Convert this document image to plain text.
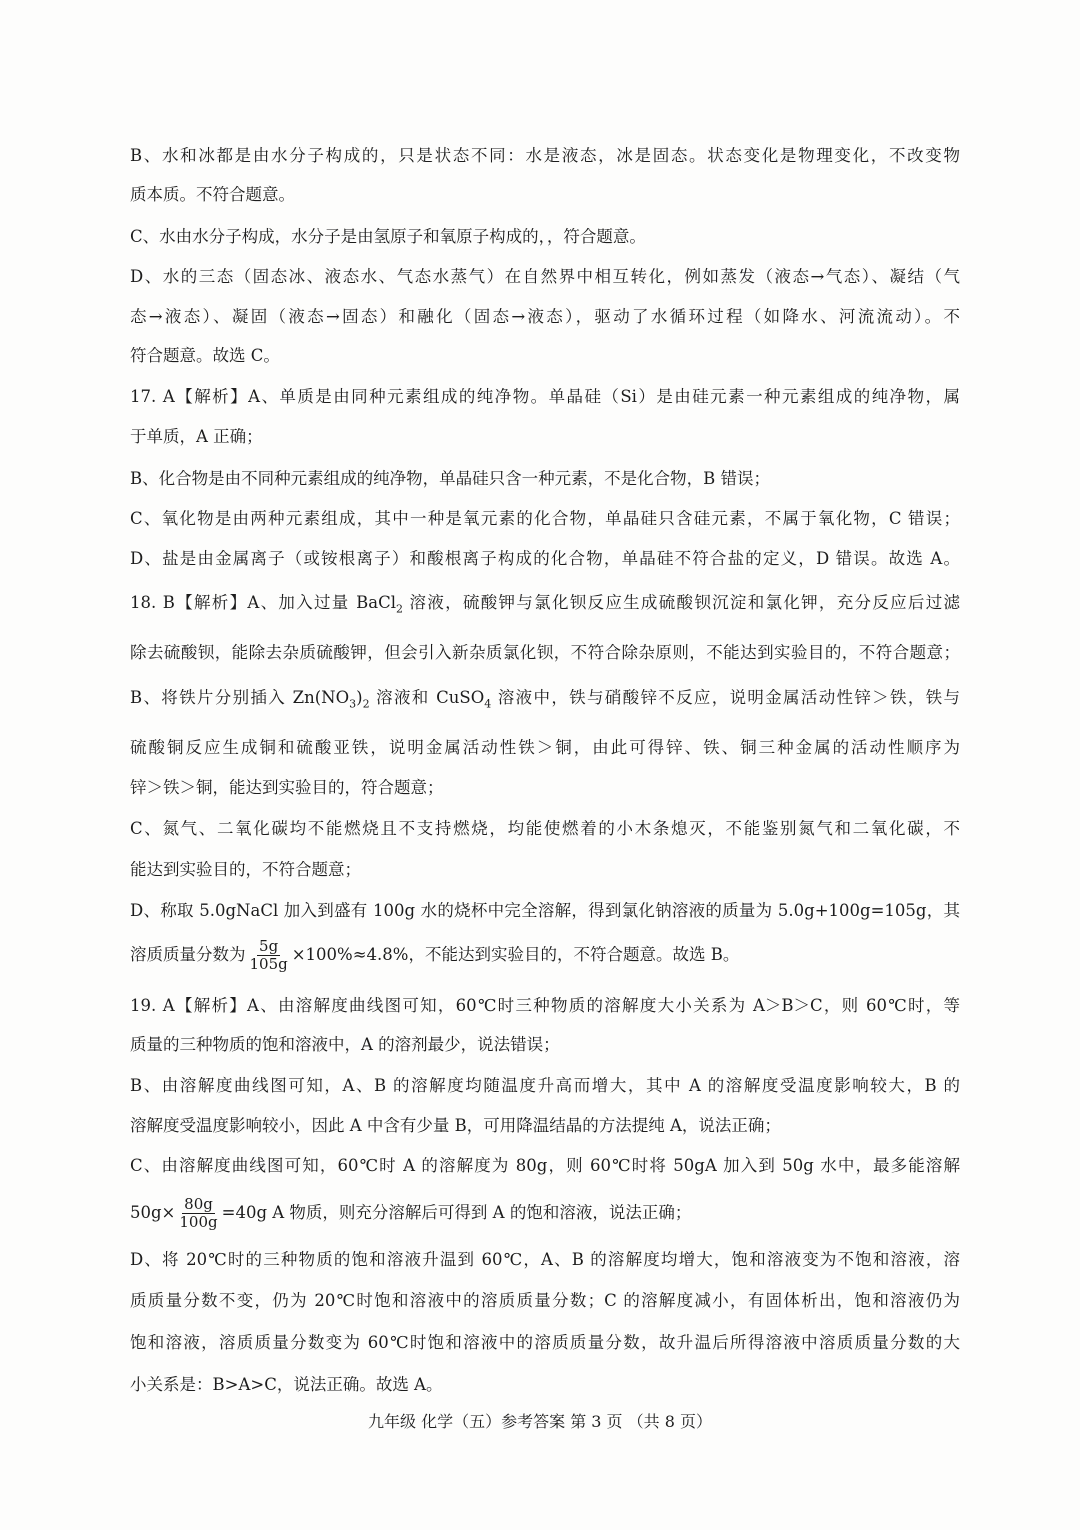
B、水和冰都是由水分子构成的，只是状态不同：水是液态，冰是固态。状态变化是物理变化，不改变物
质本质。不符合题意。
C、水由水分子构成，水分子是由氢原子和氧原子构成的，，符合题意。
D、水的三态（固态冰、液态水、气态水蒸气）在自然界中相互转化，例如蒸发（液态→气态）、凝结（气
态→液态）、凝固（液态→固态）和融化（固态→液态），驱动了水循环过程（如降水、河流流动）。不
符合题意。故选 C。
17. A【解析】A、单质是由同种元素组成的纯净物。单晶硅（Si）是由硅元素一种元素组成的纯净物，属
于单质，A 正确；
B、化合物是由不同种元素组成的纯净物，单晶硅只含一种元素，不是化合物，B 错误；
C、氧化物是由两种元素组成，其中一种是氧元素的化合物，单晶硅只含硅元素，不属于氧化物，C 错误；
D、盐是由金属离子（或铵根离子）和酸根离子构成的化合物，单晶硅不符合盐的定义，D 错误。故选 A。
18. B【解析】A、加入过量 BaCl$_2$ 溶液，硫酸钾与氯化钡反应生成硫酸钡沉淀和氯化钾，充分反应后过滤
除去硫酸钡，能除去杂质硫酸钾，但会引入新杂质氯化钡，不符合除杂原则，不能达到实验目的，不符合题意；
B、将铁片分别插入 $Zn(NO_3)_2$ 溶液和 CuSO$_4$ 溶液中，铁与硝酸锌不反应，说明金属活动性锌＞铁，铁与
硫酸铜反应生成铜和硫酸亚铁，说明金属活动性铁＞铜，由此可得锌、铁、铜三种金属的活动性顺序为
锌＞铁＞铜，能达到实验目的，符合题意；
C、氮气、二氧化碳均不能燃烧且不支持燃烧，均能使燃着的小木条熄灭，不能鉴别氮气和二氧化碳，不
能达到实验目的，不符合题意；
D、称取 5.0gNaCl 加入到盛有 100g 水的烧杯中完全溶解，得到氯化钠溶液的质量为 5.0g+100g=105g，其
溶质质量分数为 $\frac{5g}{105g} \times 100\%\approx 4.8\%$，不能达到实验目的，不符合题意。故选 B。
19. A【解析】A、由溶解度曲线图可知，60℃时三种物质的溶解度大小关系为 A＞B＞C，则 60℃时，等
质量的三种物质的饱和溶液中，A 的溶剂最少，说法错误；
B、由溶解度曲线图可知，A、B 的溶解度均随温度升高而增大，其中 A 的溶解度受温度影响较大，B 的
溶解度受温度影响较小，因此 A 中含有少量 B，可用降温结晶的方法提纯 A，说法正确；
C、由溶解度曲线图可知，60℃时 A 的溶解度为 80g，则 60℃时将 50gA 加入到 50g 水中，最多能溶解
$50g\times \frac{80g}{100g} =40g$ A 物质，则充分溶解后可得到 A 的饱和溶液，说法正确；
D、将 20℃时的三种物质的饱和溶液升温到 60℃，A、B 的溶解度均增大，饱和溶液变为不饱和溶液，溶
质质量分数不变，仍为 20℃时饱和溶液中的溶质质量分数；C 的溶解度减小，有固体析出，饱和溶液仍为
饱和溶液，溶质质量分数变为 60℃时饱和溶液中的溶质质量分数，故升温后所得溶液中溶质质量分数的大
小关系是：B>A>C，说法正确。故选 A。
九年级 化学（五）参考答案 第 3 页 （共 8 页）
